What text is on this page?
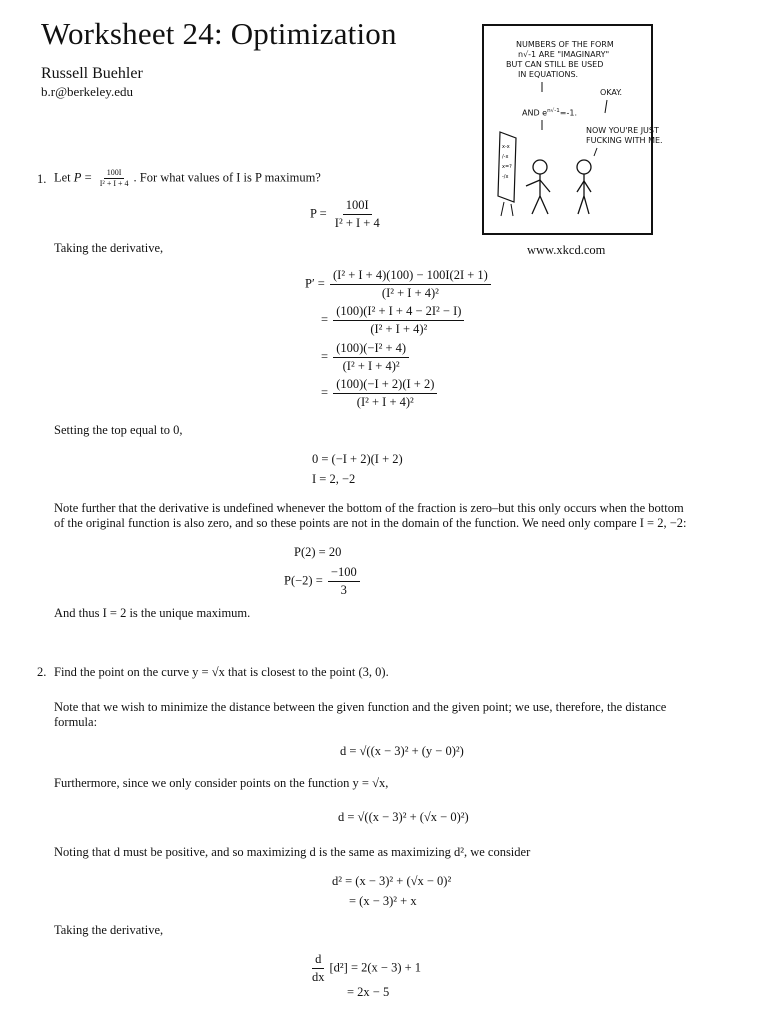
Worksheet 24: Optimization
Russell Buehler
b.r@berkeley.edu
NUMBERS OF THE FORM
n√-1 ARE "IMAGINARY"
BUT CAN STILL BE USED
IN EQUATIONS.
OKAY.
AND $e^{n√-1}=-1$.
NOW YOU'RE JUST
FUCKING WITH ME.
x-x
/-x
x=?
-/x
www.xkcd.com
1. Let $P = \frac{100I}{\text{I² + I + 4}}$ . For what values of I is P maximum?
$P = \frac{100I}{\text{I² + I + 4}}$
Taking the derivative,
$P' = \frac{\text{(I² + I + 4)(100) − 100I(2I + 1)}}{\text{(I² + I + 4)²}}$
= $\frac{\text{(100)(I² + I + 4 − 2I² − I)}}{\text{(I² + I + 4)²}}$
= $\frac{\text{(100)(−I² + 4)}}{\text{(I² + I + 4)²}}$
= $\frac{(100)(-I + 2)(I + 2)}{\text{(I² + I + 4)²}}$
Setting the top equal to 0,
0 = (−I + 2)(I + 2)
I = 2, −2
Note further that the derivative is undefined whenever the bottom of the fraction is zero–but this only occurs when the bottom
of the original function is also zero, and so these points are not in the domain of the function. We need only compare I = 2, −2:
P(2) = 20
$P(-2) = \frac{-100}{3}$
And thus I = 2 is the unique maximum.
2. Find the point on the curve y = √x that is closest to the point (3, 0).
Note that we wish to minimize the distance between the given function and the given point; we use, therefore, the distance
formula:
d = √((x − 3)² + (y − 0)²)
Furthermore, since we only consider points on the function y = √x,
d = √((x − 3)² + (√x − 0)²)
Noting that d must be positive, and so maximizing d is the same as maximizing d², we consider
d² = (x − 3)² + (√x − 0)²
= (x − 3)² + x
Taking the derivative,
$\frac{d}{dx} [d^2] = 2(x - 3) + 1$
= 2x − 5
